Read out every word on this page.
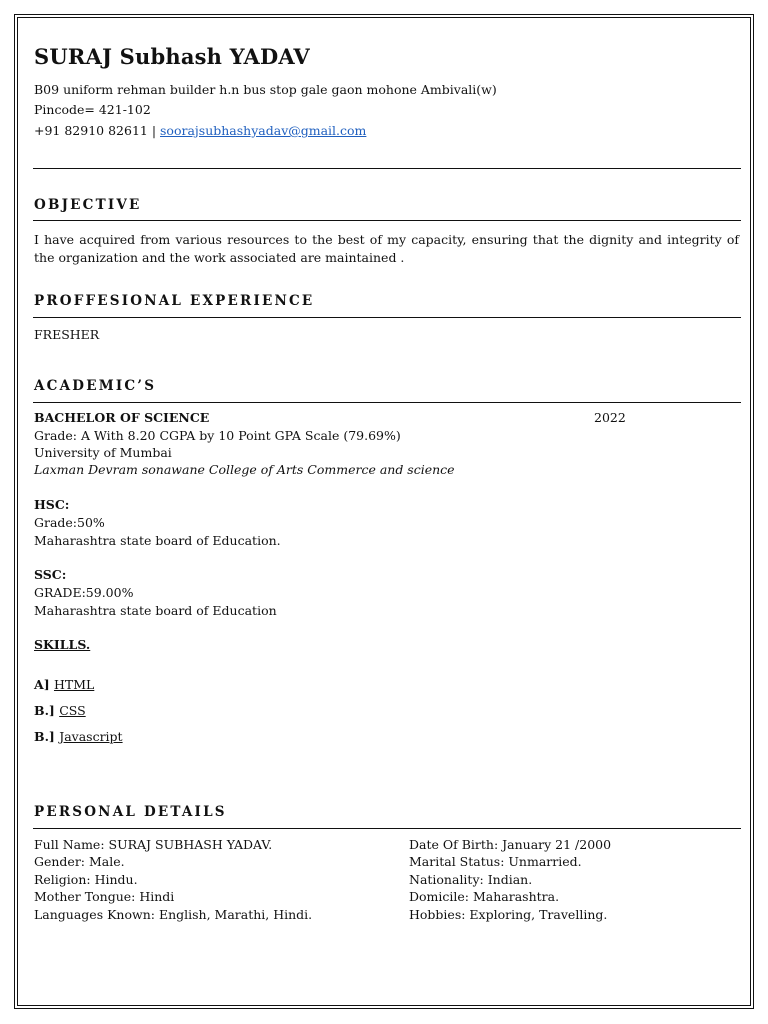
SURAJ Subhash YADAV
B09 uniform rehman builder h.n bus stop gale gaon mohone Ambivali(w)
Pincode= 421-102
+91 82910 82611 | soorajsubhashyadav@gmail.com
OBJECTIVE
I have acquired from various resources to the best of my capacity, ensuring that the dignity and integrity of the organization and the work associated are maintained .
PROFFESIONAL EXPERIENCE
FRESHER
ACADEMIC’S
BACHELOR OF SCIENCE	2022
Grade: A With 8.20 CGPA by 10 Point GPA Scale (79.69%)
University of Mumbai
Laxman Devram sonawane College of Arts Commerce and science
HSC:
Grade:50%
Maharashtra state board of Education.
SSC:
GRADE:59.00%
Maharashtra state board of Education
SKILLS.
A] HTML
B.] CSS
B.] Javascript
PERSONAL DETAILS
Full Name: SURAJ SUBHASH YADAV.
Gender: Male.
Religion: Hindu.
Mother Tongue: Hindi
Languages Known: English, Marathi, Hindi.
Date Of Birth: January 21 /2000
Marital Status: Unmarried.
Nationality: Indian.
Domicile: Maharashtra.
Hobbies: Exploring, Travelling.
